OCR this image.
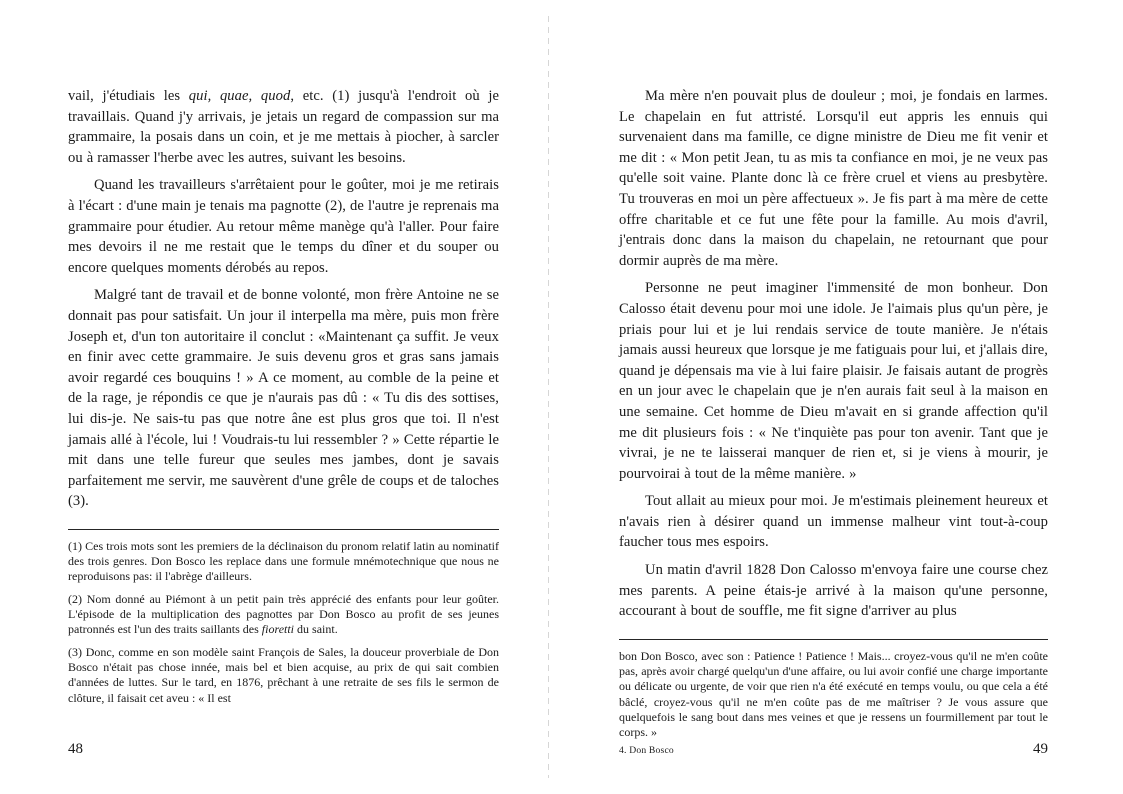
vail, j'étudiais les qui, quae, quod, etc. (1) jusqu'à l'endroit où je travaillais. Quand j'y arrivais, je jetais un regard de compassion sur ma grammaire, la posais dans un coin, et je me mettais à piocher, à sarcler ou à ramasser l'herbe avec les autres, suivant les besoins.

Quand les travailleurs s'arrêtaient pour le goûter, moi je me retirais à l'écart : d'une main je tenais ma pagnotte (2), de l'autre je reprenais ma grammaire pour étudier. Au retour même manège qu'à l'aller. Pour faire mes devoirs il ne me restait que le temps du dîner et du souper ou encore quelques moments dérobés au repos.

Malgré tant de travail et de bonne volonté, mon frère Antoine ne se donnait pas pour satisfait. Un jour il interpella ma mère, puis mon frère Joseph et, d'un ton autoritaire il conclut : «Maintenant ça suffit. Je veux en finir avec cette grammaire. Je suis devenu gros et gras sans jamais avoir regardé ces bouquins ! » A ce moment, au comble de la peine et de la rage, je répondis ce que je n'aurais pas dû : « Tu dis des sottises, lui dis-je. Ne sais-tu pas que notre âne est plus gros que toi. Il n'est jamais allé à l'école, lui ! Voudrais-tu lui ressembler ? » Cette répartie le mit dans une telle fureur que seules mes jambes, dont je savais parfaitement me servir, me sauvèrent d'une grêle de coups et de taloches (3).

(1) Ces trois mots sont les premiers de la déclinaison du pronom relatif latin au nominatif des trois genres. Don Bosco les replace dans une formule mnémotechnique que nous ne reproduisons pas: il l'abrège d'ailleurs.

(2) Nom donné au Piémont à un petit pain très apprécié des enfants pour leur goûter. L'épisode de la multiplication des pagnottes par Don Bosco au profit de ses jeunes patronnés est l'un des traits saillants des fioretti du saint.

(3) Donc, comme en son modèle saint François de Sales, la douceur proverbiale de Don Bosco n'était pas chose innée, mais bel et bien acquise, au prix de qui sait combien d'années de luttes. Sur le tard, en 1876, prêchant à une retraite de ses fils le sermon de clôture, il faisait cet aveu : « Il est

48

Ma mère n'en pouvait plus de douleur ; moi, je fondais en larmes. Le chapelain en fut attristé. Lorsqu'il eut appris les ennuis qui survenaient dans ma famille, ce digne ministre de Dieu me fit venir et me dit : « Mon petit Jean, tu as mis ta confiance en moi, je ne veux pas qu'elle soit vaine. Plante donc là ce frère cruel et viens au presbytère. Tu trouveras en moi un père affectueux ». Je fis part à ma mère de cette offre charitable et ce fut une fête pour la famille. Au mois d'avril, j'entrais donc dans la maison du chapelain, ne retournant que pour dormir auprès de ma mère.

Personne ne peut imaginer l'immensité de mon bonheur. Don Calosso était devenu pour moi une idole. Je l'aimais plus qu'un père, je priais pour lui et je lui rendais service de toute manière. Je n'étais jamais aussi heureux que lorsque je me fatiguais pour lui, et j'allais dire, quand je dépensais ma vie à lui faire plaisir. Je faisais autant de progrès en un jour avec le chapelain que je n'en aurais fait seul à la maison en une semaine. Cet homme de Dieu m'avait en si grande affection qu'il me dit plusieurs fois : « Ne t'inquiète pas pour ton avenir. Tant que je vivrai, je ne te laisserai manquer de rien et, si je viens à mourir, je pourvoirai à tout de la même manière. »

Tout allait au mieux pour moi. Je m'estimais pleinement heureux et n'avais rien à désirer quand un immense malheur vint tout-à-coup faucher tous mes espoirs.

Un matin d'avril 1828 Don Calosso m'envoya faire une course chez mes parents. A peine étais-je arrivé à la maison qu'une personne, accourant à bout de souffle, me fit signe d'arriver au plus

bon Don Bosco, avec son : Patience ! Patience ! Mais... croyez-vous qu'il ne m'en coûte pas, après avoir chargé quelqu'un d'une affaire, ou lui avoir confié une charge importante ou délicate ou urgente, de voir que rien n'a été exécuté en temps voulu, ou que cela a été bâclé, croyez-vous qu'il ne m'en coûte pas de me maîtriser ? Je vous assure que quelquefois le sang bout dans mes veines et que je ressens un fourmillement par tout le corps. »

4. Don Bosco	49
